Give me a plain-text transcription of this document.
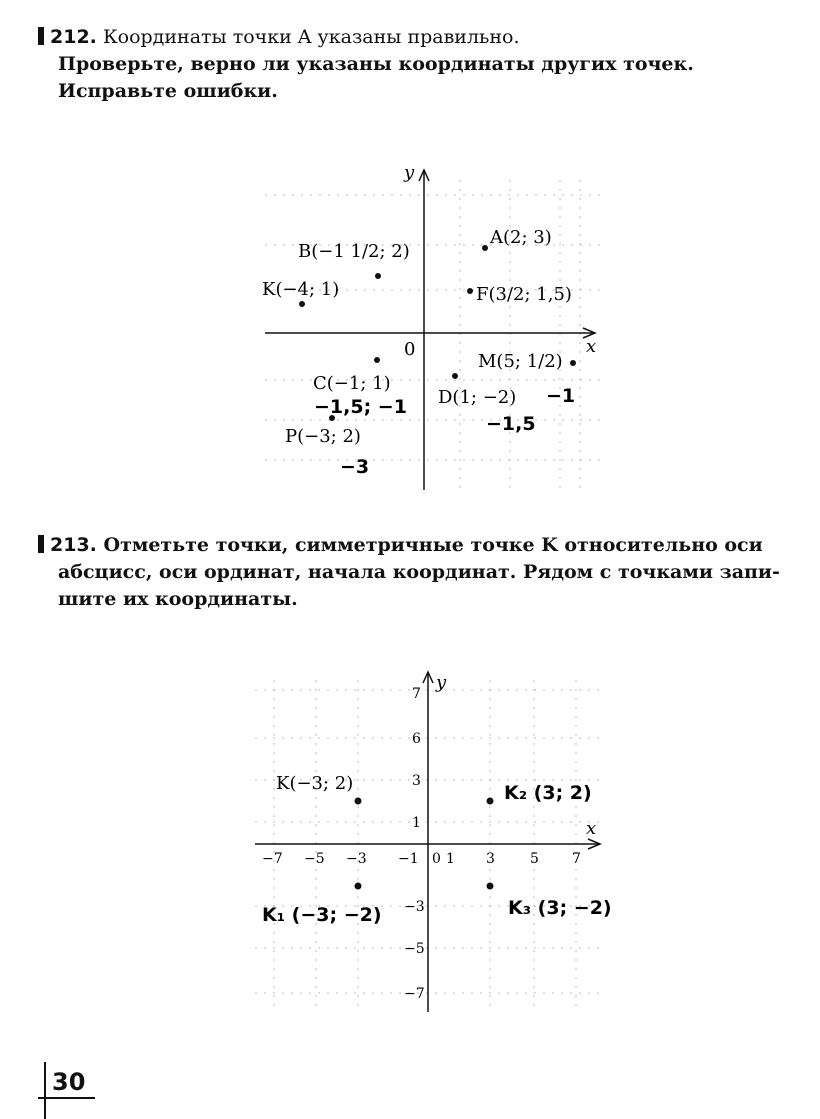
212. Координаты точки A указаны правильно.
Проверьте, верно ли указаны координаты других точек.
Исправьте ошибки.
y
x
0
A(2; 3)
B(−1 1/2; 2)
K(−4; 1)	F(3/2; 1,5)
C(−1; 1)
D(1; −2)
M(5; 1/2)
P(−3; 2)
−1,5; −1	−1
−1,5
−3
y
x
−7 −5 −3 −1 0 1 3	5 7
7
6
3
1
−3
−5
−7
K(−3; 2)	K₂ (3; 2)
K₁ (−3; −2)	K₃ (3; −2)
213. Отметьте точки, симметричные точке K относительно оси
абсцисс, оси ординат, начала координат. Рядом с точками запи-
шите их координаты.
30
